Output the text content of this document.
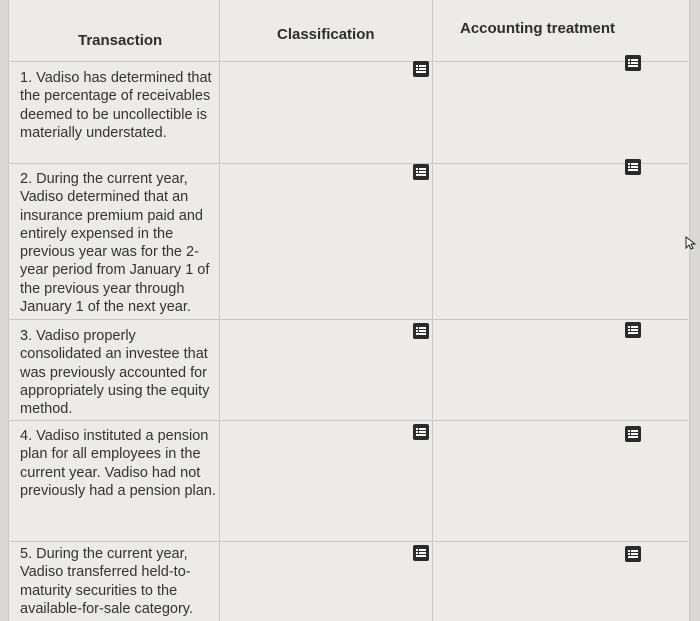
Transaction	Classification	Accounting treatment
1. Vadiso has determined that the percentage of receivables deemed to be uncollectible is materially understated.
2. During the current year, Vadiso determined that an insurance premium paid and entirely expensed in the previous year was for the 2-year period from January 1 of the previous year through January 1 of the next year.
3. Vadiso properly consolidated an investee that was previously accounted for appropriately using the equity method.
4. Vadiso instituted a pension plan for all employees in the current year. Vadiso had not previously had a pension plan.
5. During the current year, Vadiso transferred held-to-maturity securities to the available-for-sale category.
